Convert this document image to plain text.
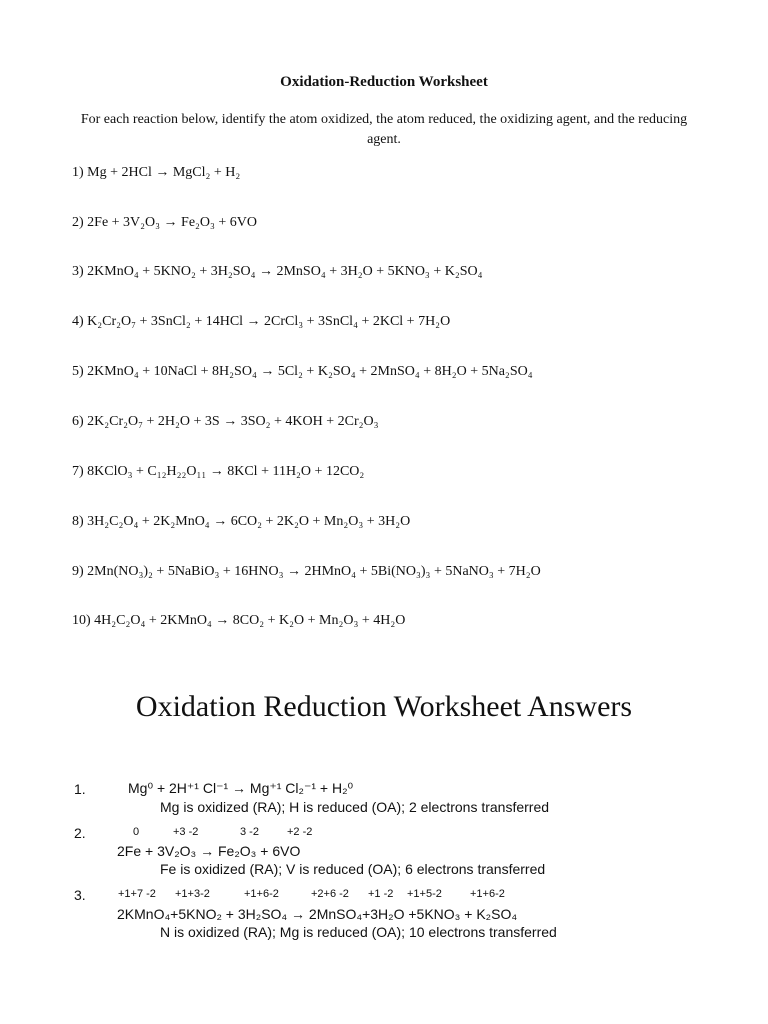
Oxidation-Reduction Worksheet
For each reaction below, identify the atom oxidized, the atom reduced, the oxidizing agent, and the reducing agent.
1) Mg + 2HCl → MgCl₂ + H₂
2) 2Fe + 3V₂O₃ → Fe₂O₃ + 6VO
3) 2KMnO₄ + 5KNO₂ + 3H₂SO₄ → 2MnSO₄ + 3H₂O + 5KNO₃ + K₂SO₄
4) K₂Cr₂O₇ + 3SnCl₂ + 14HCl → 2CrCl₃ + 3SnCl₄ + 2KCl + 7H₂O
5) 2KMnO₄ + 10NaCl + 8H₂SO₄ → 5Cl₂ + K₂SO₄ + 2MnSO₄ + 8H₂O + 5Na₂SO₄
6) 2K₂Cr₂O₇ + 2H₂O + 3S → 3SO₂ + 4KOH + 2Cr₂O₃
7) 8KClO₃ + C₁₂H₂₂O₁₁ → 8KCl + 11H₂O + 12CO₂
8) 3H₂C₂O₄ + 2K₂MnO₄ → 6CO₂ + 2K₂O + Mn₂O₃ + 3H₂O
9) 2Mn(NO₃)₂ + 5NaBiO₃ + 16HNO₃ → 2HMnO₄ + 5Bi(NO₃)₃ + 5NaNO₃ + 7H₂O
10) 4H₂C₂O₄ + 2KMnO₄ → 8CO₂ + K₂O + Mn₂O₃ + 4H₂O
Oxidation Reduction Worksheet Answers
1.	Mg⁰ + 2H⁺¹ Cl⁻¹ → Mg⁺¹ Cl₂⁻¹ + H₂⁰
Mg is oxidized (RA); H is reduced (OA); 2 electrons transferred
2.	0	+3 -2	3 -2	+2 -2
2Fe + 3V₂O₃ → Fe₂O₃ + 6VO
Fe is oxidized (RA); V is reduced (OA); 6 electrons transferred
3.	+1+7 -2 +1+3-2	+1+6-2	+2+6 -2 +1 -2 +1+5-2	+1+6-2
2KMnO₄+5KNO₂ + 3H₂SO₄ → 2MnSO₄+3H₂O +5KNO₃ + K₂SO₄
N is oxidized (RA); Mg is reduced (OA); 10 electrons transferred
